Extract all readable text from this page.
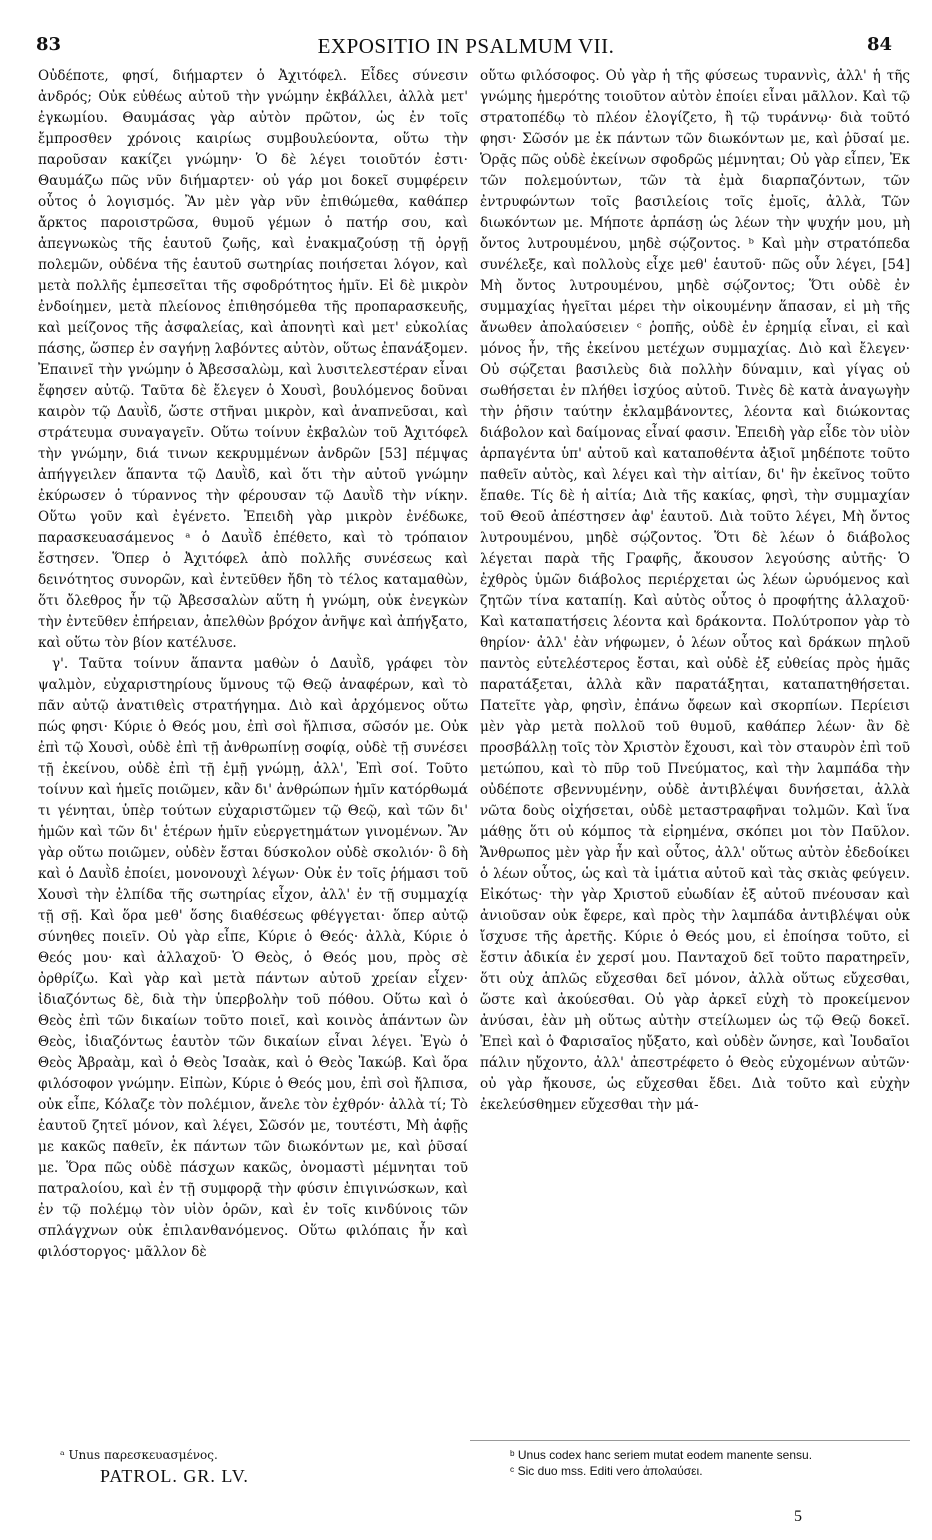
83	EXPOSITIO IN PSALMUM VII.	84

Οὐδέποτε, φησί, διήμαρτεν ὁ Ἀχιτόφελ. Εἶδες σύνεσιν ἀνδρός; Οὐκ εὐθέως αὐτοῦ τὴν γνώμην ἐκβάλλει, ἀλλὰ μετ' ἐγκωμίου. Θαυμάσας γὰρ αὐτὸν πρῶτον, ὡς ἐν τοῖς ἔμπροσθεν χρόνοις καιρίως συμβουλεύοντα, οὕτω τὴν παροῦσαν κακίζει γνώμην· Ὁ δὲ λέγει τοιοῦτόν ἐστι· Θαυμάζω πῶς νῦν διήμαρτεν· οὐ γάρ μοι δοκεῖ συμφέρειν οὗτος ὁ λογισμός. Ἂν μὲν γὰρ νῦν ἐπιθώμεθα, καθάπερ ἄρκτος παροιστρῶσα, θυμοῦ γέμων ὁ πατήρ σου, καὶ ἀπεγνωκὼς τῆς ἑαυτοῦ ζωῆς, καὶ ἐνακμαζούσῃ τῇ ὀργῇ πολεμῶν, οὐδένα τῆς ἑαυτοῦ σωτηρίας ποιήσεται λόγον, καὶ μετὰ πολλῆς ἐμπεσεῖται τῆς σφοδρότητος ἡμῖν. Εἰ δὲ μικρὸν ἐνδοίημεν, μετὰ πλείονος ἐπιθησόμεθα τῆς προπαρασκευῆς, καὶ μείζονος τῆς ἀσφαλείας, καὶ ἀπονητὶ καὶ μετ' εὐκολίας πάσης, ὥσπερ ἐν σαγήνῃ λαβόντες αὐτὸν, οὕτως ἐπανάξομεν. Ἐπαινεῖ τὴν γνώμην ὁ Ἀβεσσαλὼμ, καὶ λυσιτελεστέραν εἶναι ἔφησεν αὐτῷ. Ταῦτα δὲ ἔλεγεν ὁ Χουσὶ, βουλόμενος δοῦναι καιρὸν τῷ Δαυῒδ, ὥστε στῆναι μικρὸν, καὶ ἀναπνεῦσαι, καὶ στράτευμα συναγαγεῖν. Οὕτω τοίνυν ἐκβαλὼν τοῦ Ἀχιτόφελ τὴν γνώμην, διά τινων κεκρυμμένων ἀνδρῶν [53] πέμψας ἀπήγγειλεν ἅπαντα τῷ Δαυῒδ, καὶ ὅτι τὴν αὐτοῦ γνώμην ἐκύρωσεν ὁ τύραννος τὴν φέρουσαν τῷ Δαυῒδ τὴν νίκην. Οὕτω γοῦν καὶ ἐγένετο. Ἐπειδὴ γὰρ μικρὸν ἐνέδωκε, παρασκευασάμενος ᵃ ὁ Δαυῒδ ἐπέθετο, καὶ τὸ τρόπαιον ἔστησεν. Ὅπερ ὁ Ἀχιτόφελ ἀπὸ πολλῆς συνέσεως καὶ δεινότητος συνορῶν, καὶ ἐντεῦθεν ἤδη τὸ τέλος καταμαθὼν, ὅτι ὄλεθρος ἦν τῷ Ἀβεσσαλὼν αὕτη ἡ γνώμη, οὐκ ἐνεγκὼν τὴν ἐντεῦθεν ἐπήρειαν, ἀπελθὼν βρόχον ἀνῆψε καὶ ἀπήγξατο, καὶ οὕτω τὸν βίον κατέλυσε.

γ'. Ταῦτα τοίνυν ἅπαντα μαθὼν ὁ Δαυῒδ, γράφει τὸν ψαλμὸν, εὐχαριστηρίους ὕμνους τῷ Θεῷ ἀναφέρων, καὶ τὸ πᾶν αὐτῷ ἀνατιθεὶς στρατήγημα. Διὸ καὶ ἀρχόμενος οὕτω πώς φησι· Κύριε ὁ Θεός μου, ἐπὶ σοὶ ἤλπισα, σῶσόν με. Οὐκ ἐπὶ τῷ Χουσὶ, οὐδὲ ἐπὶ τῇ ἀνθρωπίνῃ σοφίᾳ, οὐδὲ τῇ συνέσει τῇ ἐκείνου, οὐδὲ ἐπὶ τῇ ἐμῇ γνώμῃ, ἀλλ', Ἐπὶ σοί. Τοῦτο τοίνυν καὶ ἡμεῖς ποιῶμεν, κἂν δι' ἀνθρώπων ἡμῖν κατόρθωμά τι γένηται, ὑπὲρ τούτων εὐχαριστῶμεν τῷ Θεῷ, καὶ τῶν δι' ἡμῶν καὶ τῶν δι' ἑτέρων ἡμῖν εὐεργετημάτων γινομένων. Ἂν γὰρ οὕτω ποιῶμεν, οὐδὲν ἔσται δύσκολον οὐδὲ σκολιόν· ὃ δὴ καὶ ὁ Δαυῒδ ἐποίει, μονονουχὶ λέγων· Οὐκ ἐν τοῖς ῥήμασι τοῦ Χουσὶ τὴν ἐλπίδα τῆς σωτηρίας εἶχον, ἀλλ' ἐν τῇ συμμαχίᾳ τῇ σῇ. Καὶ ὅρα μεθ' ὅσης διαθέσεως φθέγγεται· ὅπερ αὐτῷ σύνηθες ποιεῖν. Οὐ γὰρ εἶπε, Κύριε ὁ Θεός· ἀλλὰ, Κύριε ὁ Θεός μου· καὶ ἀλλαχοῦ· Ὁ Θεὸς, ὁ Θεός μου, πρὸς σὲ ὀρθρίζω. Καὶ γὰρ καὶ μετὰ πάντων αὐτοῦ χρείαν εἶχεν· ἰδιαζόντως δὲ, διὰ τὴν ὑπερβολὴν τοῦ πόθου. Οὕτω καὶ ὁ Θεὸς ἐπὶ τῶν δικαίων τοῦτο ποιεῖ, καὶ κοινὸς ἁπάντων ὢν Θεὸς, ἰδιαζόντως ἑαυτὸν τῶν δικαίων εἶναι λέγει. Ἐγὼ ὁ Θεὸς Ἀβραὰμ, καὶ ὁ Θεὸς Ἰσαὰκ, καὶ ὁ Θεὸς Ἰακώβ. Καὶ ὅρα φιλόσοφον γνώμην. Εἰπὼν, Κύριε ὁ Θεός μου, ἐπὶ σοὶ ἤλπισα, οὐκ εἶπε, Κόλαζε τὸν πολέμιον, ἄνελε τὸν ἐχθρόν· ἀλλὰ τί; Τὸ ἑαυτοῦ ζητεῖ μόνον, καὶ λέγει, Σῶσόν με, τουτέστι, Μὴ ἀφῇς με κακῶς παθεῖν, ἐκ πάντων τῶν διωκόντων με, καὶ ῥῦσαί με. Ὅρα πῶς οὐδὲ πάσχων κακῶς, ὀνομαστὶ μέμνηται τοῦ πατραλοίου, καὶ ἐν τῇ συμφορᾷ τὴν φύσιν ἐπιγινώσκων, καὶ ἐν τῷ πολέμῳ τὸν υἱὸν ὁρῶν, καὶ ἐν τοῖς κινδύνοις τῶν σπλάγχνων οὐκ ἐπιλανθανόμενος. Οὕτω φιλόπαις ἦν καὶ φιλόστοργος· μᾶλλον δὲ

οὕτω φιλόσοφος. Οὐ γὰρ ἡ τῆς φύσεως τυραννὶς, ἀλλ' ἡ τῆς γνώμης ἡμερότης τοιοῦτον αὐτὸν ἐποίει εἶναι μᾶλλον. Καὶ τῷ στρατοπέδῳ τὸ πλέον ἐλογίζετο, ἢ τῷ τυράννῳ· διὰ τοῦτό φησι· Σῶσόν με ἐκ πάντων τῶν διωκόντων με, καὶ ῥῦσαί με. Ὁρᾷς πῶς οὐδὲ ἐκείνων σφοδρῶς μέμνηται; Οὐ γὰρ εἶπεν, Ἐκ τῶν πολεμούντων, τῶν τὰ ἐμὰ διαρπαζόντων, τῶν ἐντρυφώντων τοῖς βασιλείοις τοῖς ἐμοῖς, ἀλλὰ, Τῶν διωκόντων με. Μήποτε ἁρπάσῃ ὡς λέων τὴν ψυχήν μου, μὴ ὄντος λυτρουμένου, μηδὲ σῴζοντος. ᵇ Καὶ μὴν στρατόπεδα συνέλεξε, καὶ πολλοὺς εἶχε μεθ' ἑαυτοῦ· πῶς οὖν λέγει, [54] Μὴ ὄντος λυτρουμένου, μηδὲ σῴζοντος; Ὅτι οὐδὲ ἐν συμμαχίας ἡγεῖται μέρει τὴν οἰκουμένην ἅπασαν, εἰ μὴ τῆς ἄνωθεν ἀπολαύσειεν ᶜ ῥοπῆς, οὐδὲ ἐν ἐρημίᾳ εἶναι, εἰ καὶ μόνος ἦν, τῆς ἐκείνου μετέχων συμμαχίας. Διὸ καὶ ἔλεγεν· Οὐ σῴζεται βασιλεὺς διὰ πολλὴν δύναμιν, καὶ γίγας οὐ σωθήσεται ἐν πλήθει ἰσχύος αὐτοῦ. Τινὲς δὲ κατὰ ἀναγωγὴν τὴν ῥῆσιν ταύτην ἐκλαμβάνοντες, λέοντα καὶ διώκοντας διάβολον καὶ δαίμονας εἶναί φασιν. Ἐπειδὴ γὰρ εἶδε τὸν υἱὸν ἁρπαγέντα ὑπ' αὐτοῦ καὶ καταποθέντα ἀξιοῖ μηδέποτε τοῦτο παθεῖν αὐτὸς, καὶ λέγει καὶ τὴν αἰτίαν, δι' ἣν ἐκεῖνος τοῦτο ἔπαθε. Τίς δὲ ἡ αἰτία; Διὰ τῆς κακίας, φησὶ, τὴν συμμαχίαν τοῦ Θεοῦ ἀπέστησεν ἀφ' ἑαυτοῦ. Διὰ τοῦτο λέγει, Μὴ ὄντος λυτρουμένου, μηδὲ σῴζοντος. Ὅτι δὲ λέων ὁ διάβολος λέγεται παρὰ τῆς Γραφῆς, ἄκουσον λεγούσης αὐτῆς· Ὁ ἐχθρὸς ὑμῶν διάβολος περιέρχεται ὡς λέων ὠρυόμενος καὶ ζητῶν τίνα καταπίῃ. Καὶ αὐτὸς οὗτος ὁ προφήτης ἀλλαχοῦ· Καὶ καταπατήσεις λέοντα καὶ δράκοντα. Πολύτροπον γὰρ τὸ θηρίον· ἀλλ' ἐὰν νήφωμεν, ὁ λέων οὗτος καὶ δράκων πηλοῦ παντὸς εὐτελέστερος ἔσται, καὶ οὐδὲ ἐξ εὐθείας πρὸς ἡμᾶς παρατάξεται, ἀλλὰ κἂν παρατάξηται, καταπατηθήσεται. Πατεῖτε γὰρ, φησὶν, ἐπάνω ὄφεων καὶ σκορπίων. Περίεισι μὲν γὰρ μετὰ πολλοῦ τοῦ θυμοῦ, καθάπερ λέων· ἂν δὲ προσβάλλῃ τοῖς τὸν Χριστὸν ἔχουσι, καὶ τὸν σταυρὸν ἐπὶ τοῦ μετώπου, καὶ τὸ πῦρ τοῦ Πνεύματος, καὶ τὴν λαμπάδα τὴν οὐδέποτε σβεννυμένην, οὐδὲ ἀντιβλέψαι δυνήσεται, ἀλλὰ νῶτα δοὺς οἰχήσεται, οὐδὲ μεταστραφῆναι τολμῶν. Καὶ ἵνα μάθῃς ὅτι οὐ κόμπος τὰ εἰρημένα, σκόπει μοι τὸν Παῦλον. Ἄνθρωπος μὲν γὰρ ἦν καὶ οὗτος, ἀλλ' οὕτως αὐτὸν ἐδεδοίκει ὁ λέων οὗτος, ὡς καὶ τὰ ἱμάτια αὐτοῦ καὶ τὰς σκιὰς φεύγειν. Εἰκότως· τὴν γὰρ Χριστοῦ εὐωδίαν ἐξ αὐτοῦ πνέουσαν καὶ ἀνιοῦσαν οὐκ ἔφερε, καὶ πρὸς τὴν λαμπάδα ἀντιβλέψαι οὐκ ἴσχυσε τῆς ἀρετῆς. Κύριε ὁ Θεός μου, εἰ ἐποίησα τοῦτο, εἰ ἔστιν ἀδικία ἐν χερσί μου. Πανταχοῦ δεῖ τοῦτο παρατηρεῖν, ὅτι οὐχ ἁπλῶς εὔχεσθαι δεῖ μόνον, ἀλλὰ οὕτως εὔχεσθαι, ὥστε καὶ ἀκούεσθαι. Οὐ γὰρ ἀρκεῖ εὐχὴ τὸ προκείμενον ἀνύσαι, ἐὰν μὴ οὕτως αὐτὴν στείλωμεν ὡς τῷ Θεῷ δοκεῖ. Ἐπεὶ καὶ ὁ Φαρισαῖος ηὔξατο, καὶ οὐδὲν ὤνησε, καὶ Ἰουδαῖοι πάλιν ηὔχοντο, ἀλλ' ἀπεστρέφετο ὁ Θεὸς εὐχομένων αὐτῶν· οὐ γὰρ ἤκουσε, ὡς εὔχεσθαι ἔδει. Διὰ τοῦτο καὶ εὐχὴν ἐκελεύσθημεν εὔχεσθαι τὴν μά-

ᵃ Unus παρεσκευασμένος.
PATROL. GR. LV.
ᵇ Unus codex hanc seriem mutat eodem manente sensu.
ᶜ Sic duo mss. Editi vero ἀπολαύσει.
5
